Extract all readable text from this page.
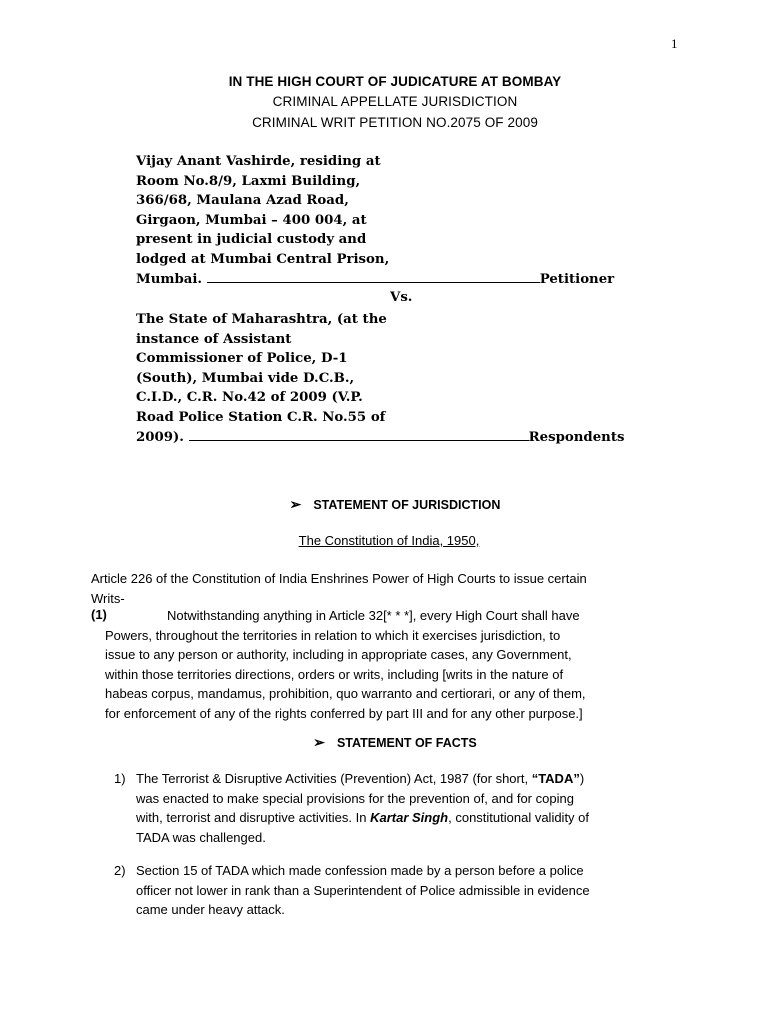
1
IN THE HIGH COURT OF JUDICATURE AT BOMBAY
CRIMINAL APPELLATE JURISDICTION
CRIMINAL WRIT PETITION NO.2075 OF 2009
Vijay Anant Vashirde, residing at
Room No.8/9, Laxmi Building,
366/68, Maulana Azad Road,
Girgaon, Mumbai – 400 004, at
present in judicial custody and
lodged at Mumbai Central Prison,
Mumbai.	Petitioner
Vs.
The State of Maharashtra, (at the
instance of Assistant
Commissioner of Police, D-1
(South), Mumbai vide D.C.B.,
C.I.D., C.R. No.42 of 2009 (V.P.
Road Police Station C.R. No.55 of
2009).	Respondents
➢ STATEMENT OF JURISDICTION
The Constitution of India, 1950,
Article 226 of the Constitution of India Enshrines Power of High Courts to issue certain
Writs-
(1)	Notwithstanding anything in Article 32[* * *], every High Court shall have
Powers, throughout the territories in relation to which it exercises jurisdiction, to
issue to any person or authority, including in appropriate cases, any Government,
within those territories directions, orders or writs, including [writs in the nature of
habeas corpus, mandamus, prohibition, quo warranto and certiorari, or any of them,
for enforcement of any of the rights conferred by part III and for any other purpose.]
➢ STATEMENT OF FACTS
1) The Terrorist & Disruptive Activities (Prevention) Act, 1987 (for short, “TADA”)
was enacted to make special provisions for the prevention of, and for coping
with, terrorist and disruptive activities. In Kartar Singh, constitutional validity of
TADA was challenged.
2) Section 15 of TADA which made confession made by a person before a police
officer not lower in rank than a Superintendent of Police admissible in evidence
came under heavy attack.
